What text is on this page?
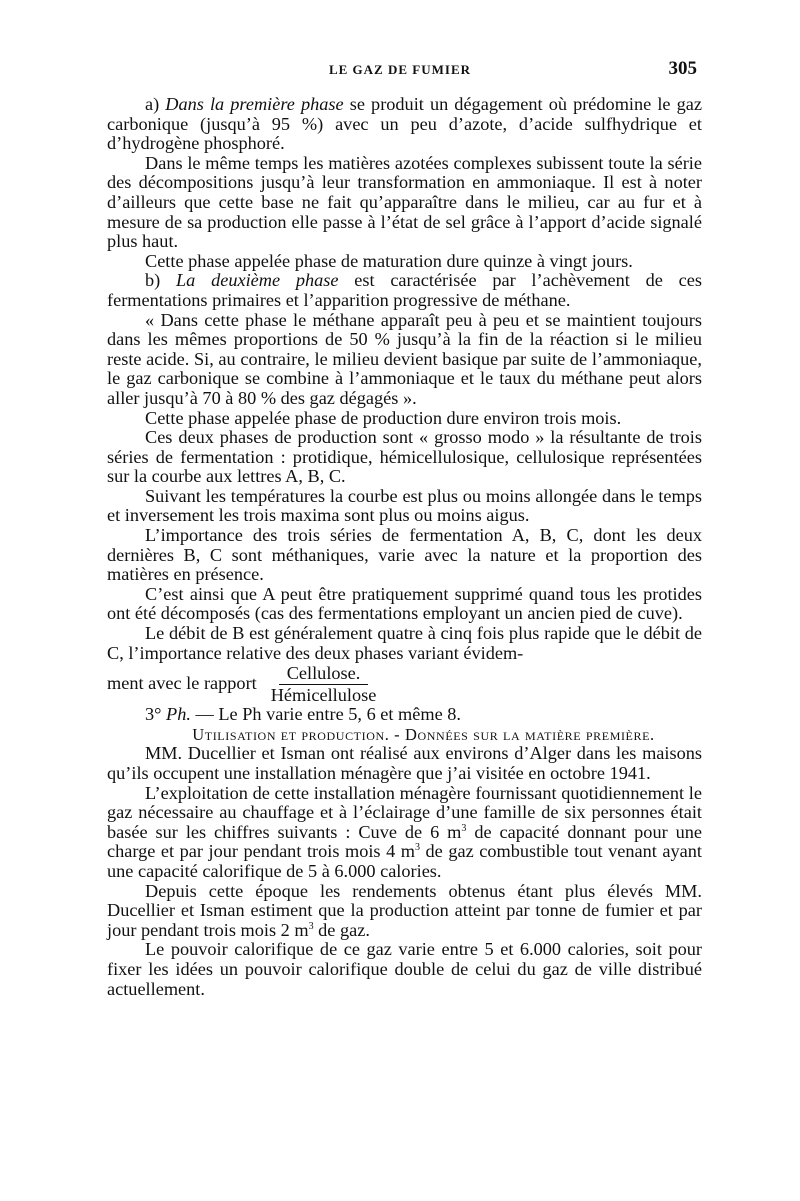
LE GAZ DE FUMIER	305

a) Dans la première phase se produit un dégagement où prédomine le gaz carbonique (jusqu’à 95 %) avec un peu d’azote, d’acide sulfhydrique et d’hydrogène phosphoré.

Dans le même temps les matières azotées complexes subissent toute la série des décompositions jusqu’à leur transformation en ammoniaque. Il est à noter d’ailleurs que cette base ne fait qu’apparaître dans le milieu, car au fur et à mesure de sa production elle passe à l’état de sel grâce à l’apport d’acide signalé plus haut.

Cette phase appelée phase de maturation dure quinze à vingt jours.

b) La deuxième phase est caractérisée par l’achèvement de ces fermentations primaires et l’apparition progressive de méthane.

« Dans cette phase le méthane apparaît peu à peu et se maintient toujours dans les mêmes proportions de 50 % jusqu’à la fin de la réaction si le milieu reste acide. Si, au contraire, le milieu devient basique par suite de l’ammoniaque, le gaz carbonique se combine à l’ammoniaque et le taux du méthane peut alors aller jusqu’à 70 à 80 % des gaz dégagés ».

Cette phase appelée phase de production dure environ trois mois.

Ces deux phases de production sont « grosso modo » la résultante de trois séries de fermentation : protidique, hémicellulosique, cellulosique représentées sur la courbe aux lettres A, B, C.

Suivant les températures la courbe est plus ou moins allongée dans le temps et inversement les trois maxima sont plus ou moins aigus.

L’importance des trois séries de fermentation A, B, C, dont les deux dernières B, C sont méthaniques, varie avec la nature et la proportion des matières en présence.

C’est ainsi que A peut être pratiquement supprimé quand tous les protides ont été décomposés (cas des fermentations employant un ancien pied de cuve).

Le débit de B est généralement quatre à cinq fois plus rapide que le débit de C, l’importance relative des deux phases variant évidem-

ment avec le rapport $\frac{\text{Cellulose.}}{\text{Hémicellulose}}$
3° Ph. — Le Ph varie entre 5, 6 et même 8.

Utilisation et production. - Données sur la matière première.

MM. Ducellier et Isman ont réalisé aux environs d’Alger dans les maisons qu’ils occupent une installation ménagère que j’ai visitée en octobre 1941.

L’exploitation de cette installation ménagère fournissant quotidiennement le gaz nécessaire au chauffage et à l’éclairage d’une famille de six personnes était basée sur les chiffres suivants : Cuve de 6 $m^3$ de capacité donnant pour une charge et par jour pendant trois mois 4 $m^3$ de gaz combustible tout venant ayant une capacité calorifique de 5 à 6.000 calories.

Depuis cette époque les rendements obtenus étant plus élevés MM. Ducellier et Isman estiment que la production atteint par tonne de fumier et par jour pendant trois mois 2 $m^3$ de gaz.

Le pouvoir calorifique de ce gaz varie entre 5 et 6.000 calories, soit pour fixer les idées un pouvoir calorifique double de celui du gaz de ville distribué actuellement.
